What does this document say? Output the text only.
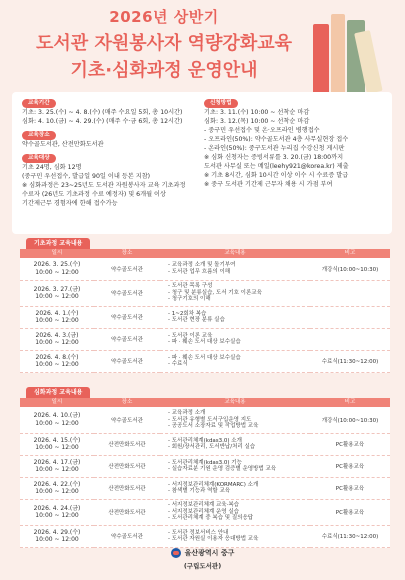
2026년 상반기
도서관 자원봉사자 역량강화교육
기초·심화과정 운영안내
교육기간

기초: 3. 25.(수) ~ 4. 8.(수) (매주 수요일 5회, 총 10시간)

심화: 4. 10.(금) ~ 4. 29.(수) (매주 수·금 6회, 총 12시간)

교육장소

약수골도서관, 산전만화도서관

교육대상

기초 24명, 심화 12명

(중구민 우선접수, 발급일 90일 이내 등본 지참)

※ 심화과정은 23~25년도 도서관 자원봉사자 교육 기초과정

수료자 (26년도 기초과정 수료 예정자) 및 6개월 이상

기간제근무 경험자에 한해 접수가능

신청방법

기초: 3. 11.(수) 10:00 ~ 선착순 마감

심화: 3. 12.(목) 10:00 ~ 선착순 마감

- 중구민 우선접수 및 온·오프라인 병행접수

- 오프라인(50%): 약수골도서관 4층 사무실현장 접수

- 온라인(50%): 중구도서관 누리집 수강신청 게시판

※ 심화 신청자는 증빙서류를 3. 20.(금) 18:00까지

도서관 사무실 또는 메일(leehy921@korea.kr) 제출

※ 기초 8시간, 심화 10시간 이상 이수 시 수료증 발급

※ 중구 도서관 기간제 근무자 채용 시 가점 부여

기초과정 교육내용
일시	장소	교육내용	비고

2026. 3. 25.(수)
10:00 ~ 12:00	약수골도서관	- 교육과정 소개 및 돌기부여
- 도서관 업무 흐름의 이해	개강식(10:00~10:30)

2026. 3. 27.(금)
10:00 ~ 12:00	약수골도서관	- 도서관 목록 구성
- 청구 및 분류실습, 도서 기호 이론교육
- 청구기호의 이해	

2026. 4. 1.(수)
10:00 ~ 12:00	약수골도서관	- 1~2회차 복습
- 도서관 현장 분류 실습	

2026. 4. 3.(금)
10:00 ~ 12:00	약수골도서관	- 도서관 이론 교육
- 파 · 훼손 도서 대상 보수실습	

2026. 4. 8.(수)
10:00 ~ 12:00	약수골도서관	- 파 · 훼손 도서 대상 보수실습
- 수료식	수료식(11:30~12:00)
심화과정 교육내용
일시	장소	교육내용	비고

2026. 4. 10.(금)
10:00 ~ 12:00	약수골도서관	- 교육과정 소개
- 도서관 유형별 도서구입운영 지도
- 공공도서 소장자료 및 작업방법 교육	개강식(10:00~10:30)

2026. 4. 15.(수)
10:00 ~ 12:00	산전만화도서관	- 도서관리체계(kdas3.0) 소개
- 회원/장서관리, 도서반납/처리 실습	PC활용교육

2026. 4. 17.(금)
10:00 ~ 12:00	산전만화도서관	- 도서관리체계(kdas3.0) 기능
- 실습자료분 기원 운영 검증별 운영방법 교육	PC활용교육

2026. 4. 22.(수)
10:00 ~ 12:00	산전만화도서관	- 서지정보관리체계(KORMARC) 소개
- 참색별 기능과 역할 교육	PC활용교육

2026. 4. 24.(금)
10:00 ~ 12:00	산전만화도서관	- 서지정보관리체계 교육·복습
- 서지정보관리체계 운영 실습
- 도서관리체계 중 복습 및 질의응답	PC활용교육

2026. 4. 29.(수)
10:00 ~ 12:00	약수골도서관	- 도서관 정보서비스 안내
- 도서관 자원실 이용자 응대방법 교육	수료식(11:30~12:00)
울산광역시 중구
(구립도서관)
